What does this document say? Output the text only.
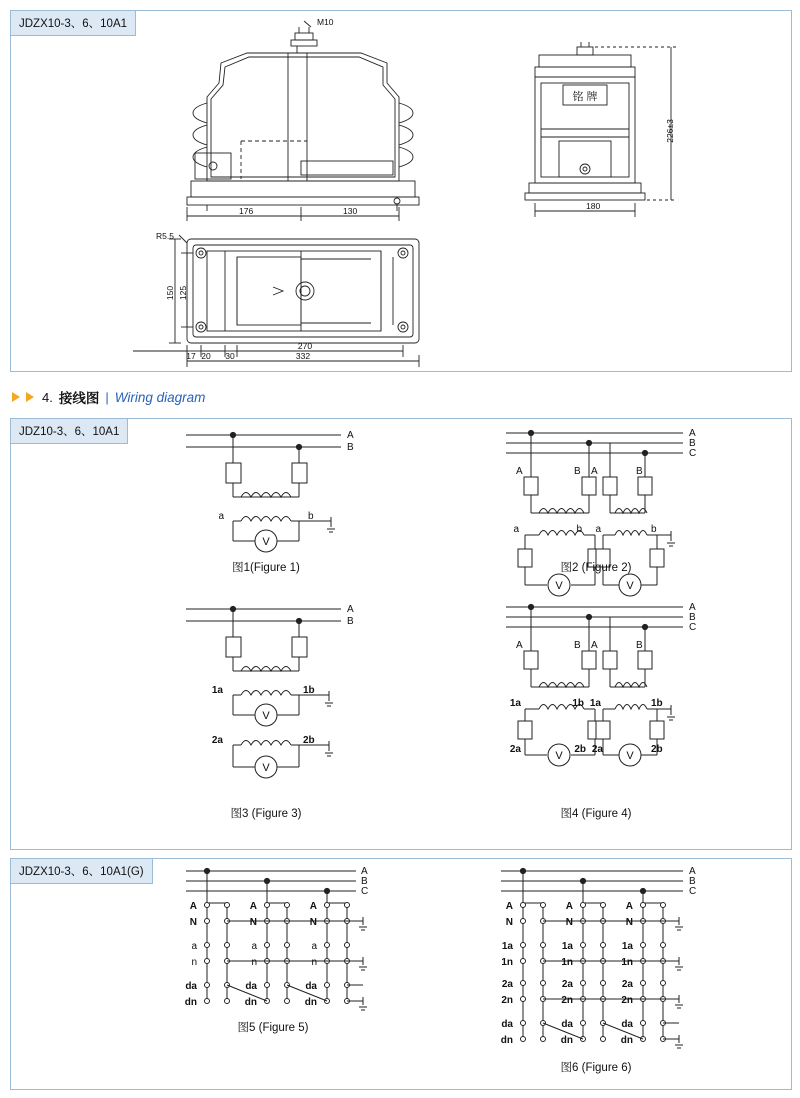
JDZX10-3、6、10A1	M10
176	130	180
R5.5
270
332
17 20 30
226±3
150 125
铭 牌
4. 接线图 | Wiring diagram
JDZ10-3、6、10A1
V
V	V
V
V
V	V
A
B
a	b
A
B
C
A	B A	B
a	b a	b
A
B
1a	1b
2a	2b
A
B
C
A	B A	B
1a	1b 1a	1b
2a	2b 2a	2b
图1(Figure 1)	图2 (Figure 2)
图3 (Figure 3)	图4 (Figure 4)
JDZX10-3、6、10A1(G)	A
B
C
A
N
a
n
da
dn
A
N
a
n
da
dn
A
N
a
n
da
dn
A
B
C
A
N
1a
1n
2a
2n
da
dn
A
N
1a
1n
2a
2n
da
dn
A
N
1a
1n
2a
2n
da
dn
图5 (Figure 5)
图6 (Figure 6)
